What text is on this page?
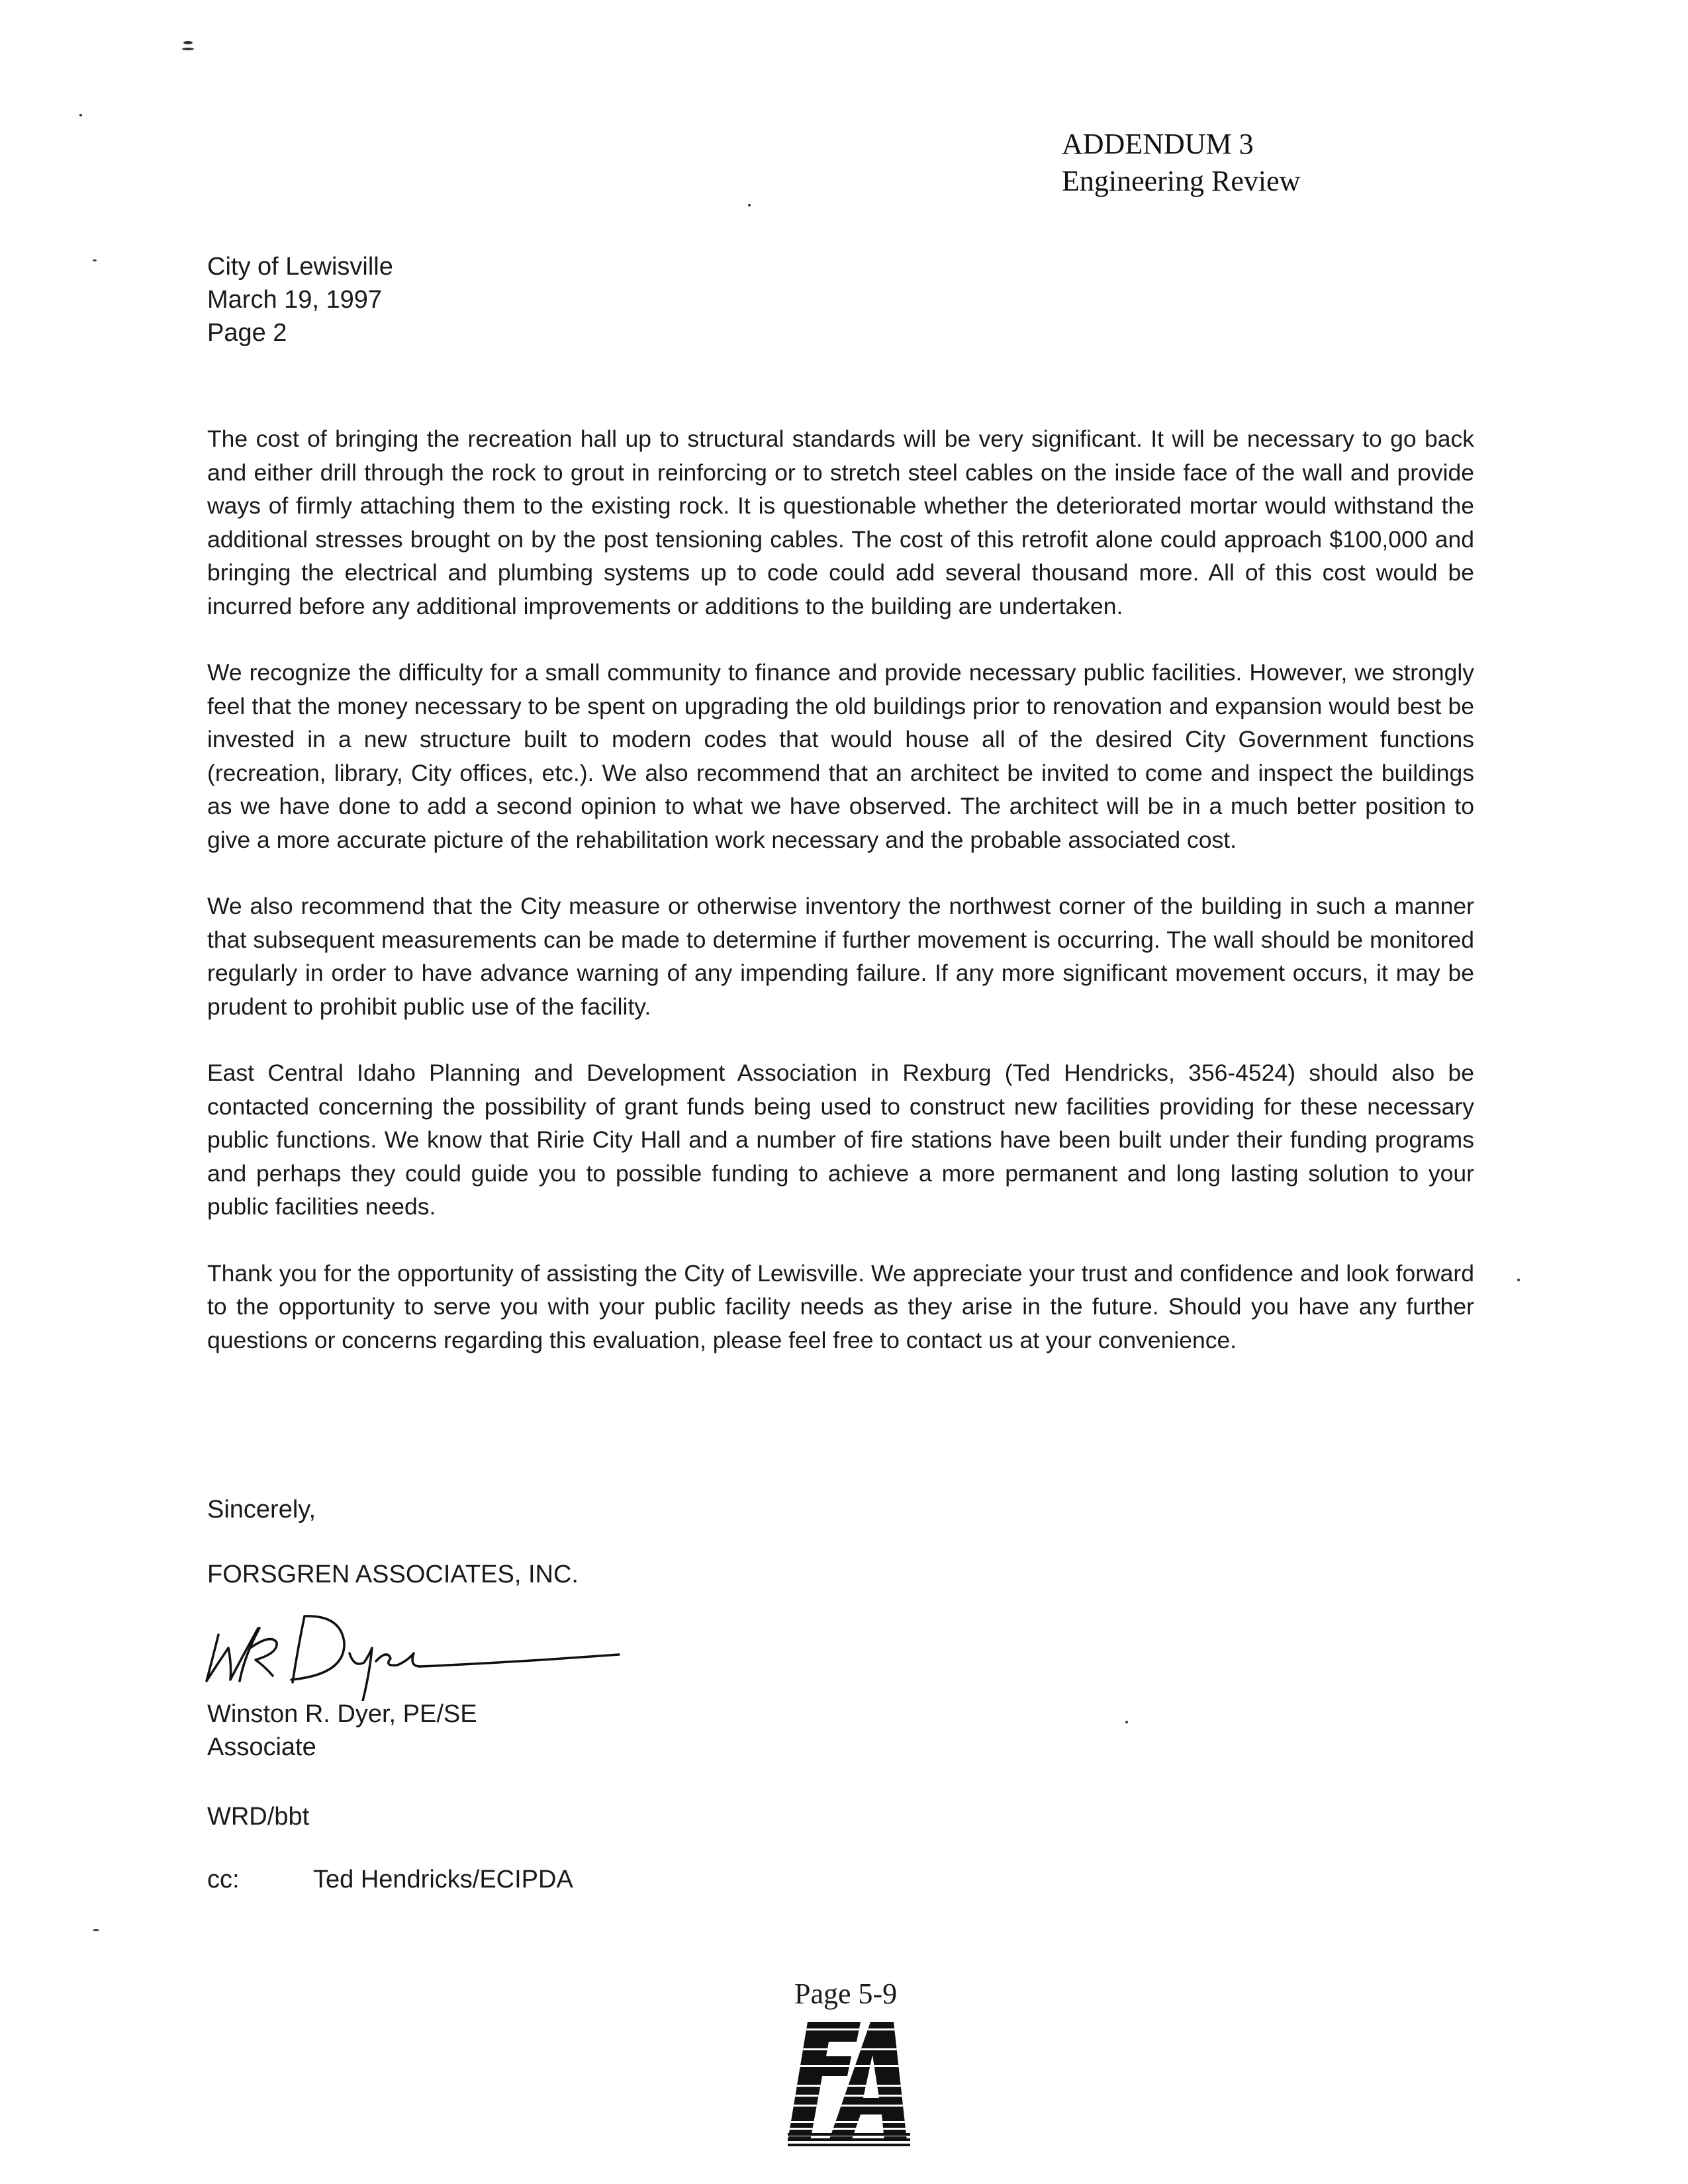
ADDENDUM 3
Engineering Review
City of Lewisville
March 19, 1997
Page 2

The cost of bringing the recreation hall up to structural standards will be very significant. It will be necessary to go back and either drill through the rock to grout in reinforcing or to stretch steel cables on the inside face of the wall and provide ways of firmly attaching them to the existing rock. It is questionable whether the deteriorated mortar would withstand the additional stresses brought on by the post tensioning cables. The cost of this retrofit alone could approach $100,000 and bringing the electrical and plumbing systems up to code could add several thousand more. All of this cost would be incurred before any additional improvements or additions to the building are undertaken.

We recognize the difficulty for a small community to finance and provide necessary public facilities. However, we strongly feel that the money necessary to be spent on upgrading the old buildings prior to renovation and expansion would best be invested in a new structure built to modern codes that would house all of the desired City Government functions (recreation, library, City offices, etc.). We also recommend that an architect be invited to come and inspect the buildings as we have done to add a second opinion to what we have observed. The architect will be in a much better position to give a more accurate picture of the rehabilitation work necessary and the probable associated cost.

We also recommend that the City measure or otherwise inventory the northwest corner of the building in such a manner that subsequent measurements can be made to determine if further movement is occurring. The wall should be monitored regularly in order to have advance warning of any impending failure. If any more significant movement occurs, it may be prudent to prohibit public use of the facility.

East Central Idaho Planning and Development Association in Rexburg (Ted Hendricks, 356-4524) should also be contacted concerning the possibility of grant funds being used to construct new facilities providing for these necessary public functions. We know that Ririe City Hall and a number of fire stations have been built under their funding programs and perhaps they could guide you to possible funding to achieve a more permanent and long lasting solution to your public facilities needs.

Thank you for the opportunity of assisting the City of Lewisville. We appreciate your trust and confidence and look forward to the opportunity to serve you with your public facility needs as they arise in the future. Should you have any further questions or concerns regarding this evaluation, please feel free to contact us at your convenience.

Sincerely,
FORSGREN ASSOCIATES, INC.
Winston R. Dyer, PE/SE
Associate
WRD/bbt
cc:	Ted Hendricks/ECIPDA
Page 5-9
